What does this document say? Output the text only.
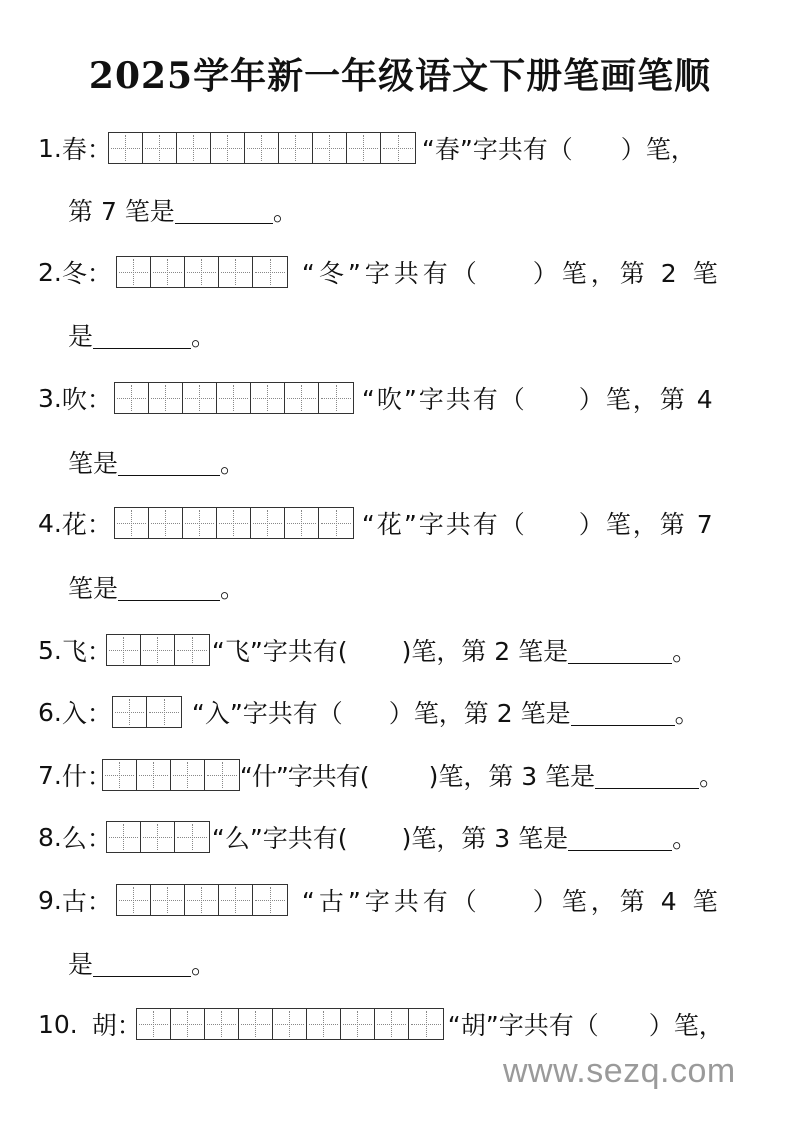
2025学年新一年级语文下册笔画笔顺
1. 春 ：	“春”字共有（ ）笔，
第 7 笔是	。
2. 冬 ：	“冬”字共有（ ）笔，第 2 笔
是	。
3. 吹 ：	“吹”字共有（ ）笔，第 4
笔是	。
4. 花 ：	“花”字共有（ ）笔，第 7
笔是	。
5. 飞 ：	“飞”字共有( )笔，第 2 笔是	。
6. 入 ：	“入”字共有（ ）笔，第 2 笔是	。
7. 什 ：	“什”字共有( )笔，第 3 笔是	。
8. 么 ：	“么”字共有( )笔，第 3 笔是	。
9. 古 ：	“古”字共有（ ）笔，第 4 笔
是	。
10. 胡 ：	“胡”字共有（ ）笔，
www.sezq.com
